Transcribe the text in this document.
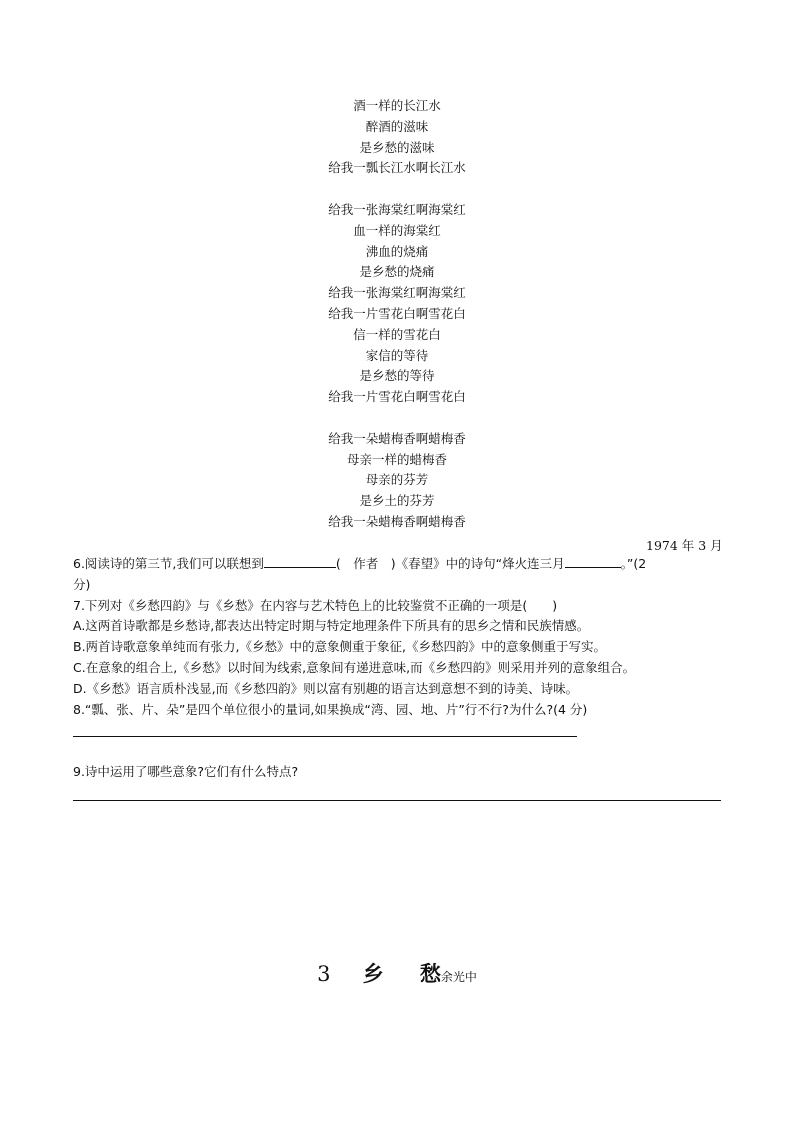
酒一样的长江水
醉酒的滋味
是乡愁的滋味
给我一瓢长江水啊长江水
给我一张海棠红啊海棠红
血一样的海棠红
沸血的烧痛
是乡愁的烧痛
给我一张海棠红啊海棠红
给我一片雪花白啊雪花白
信一样的雪花白
家信的等待
是乡愁的等待
给我一片雪花白啊雪花白
给我一朵蜡梅香啊蜡梅香
母亲一样的蜡梅香
母亲的芬芳
是乡土的芬芳
给我一朵蜡梅香啊蜡梅香
1974 年 3 月
6.阅读诗的第三节,我们可以联想到	(　作者　)《春望》中的诗句“烽火连三月	。”(2
分)
7.下列对《乡愁四韵》与《乡愁》在内容与艺术特色上的比较鉴赏不正确的一项是(　　)
A.这两首诗歌都是乡愁诗,都表达出特定时期与特定地理条件下所具有的思乡之情和民族情感。
B.两首诗歌意象单纯而有张力,《乡愁》中的意象侧重于象征,《乡愁四韵》中的意象侧重于写实。
C.在意象的组合上,《乡愁》以时间为线索,意象间有递进意味,而《乡愁四韵》则采用并列的意象组合。
D.《乡愁》语言质朴浅显,而《乡愁四韵》则以富有别趣的语言达到意想不到的诗美、诗味。
8.“瓢、张、片、朵”是四个单位很小的量词,如果换成“湾、园、地、片”行不行?为什么?(4 分)
9.诗中运用了哪些意象?它们有什么特点?
3 乡 愁余光中
